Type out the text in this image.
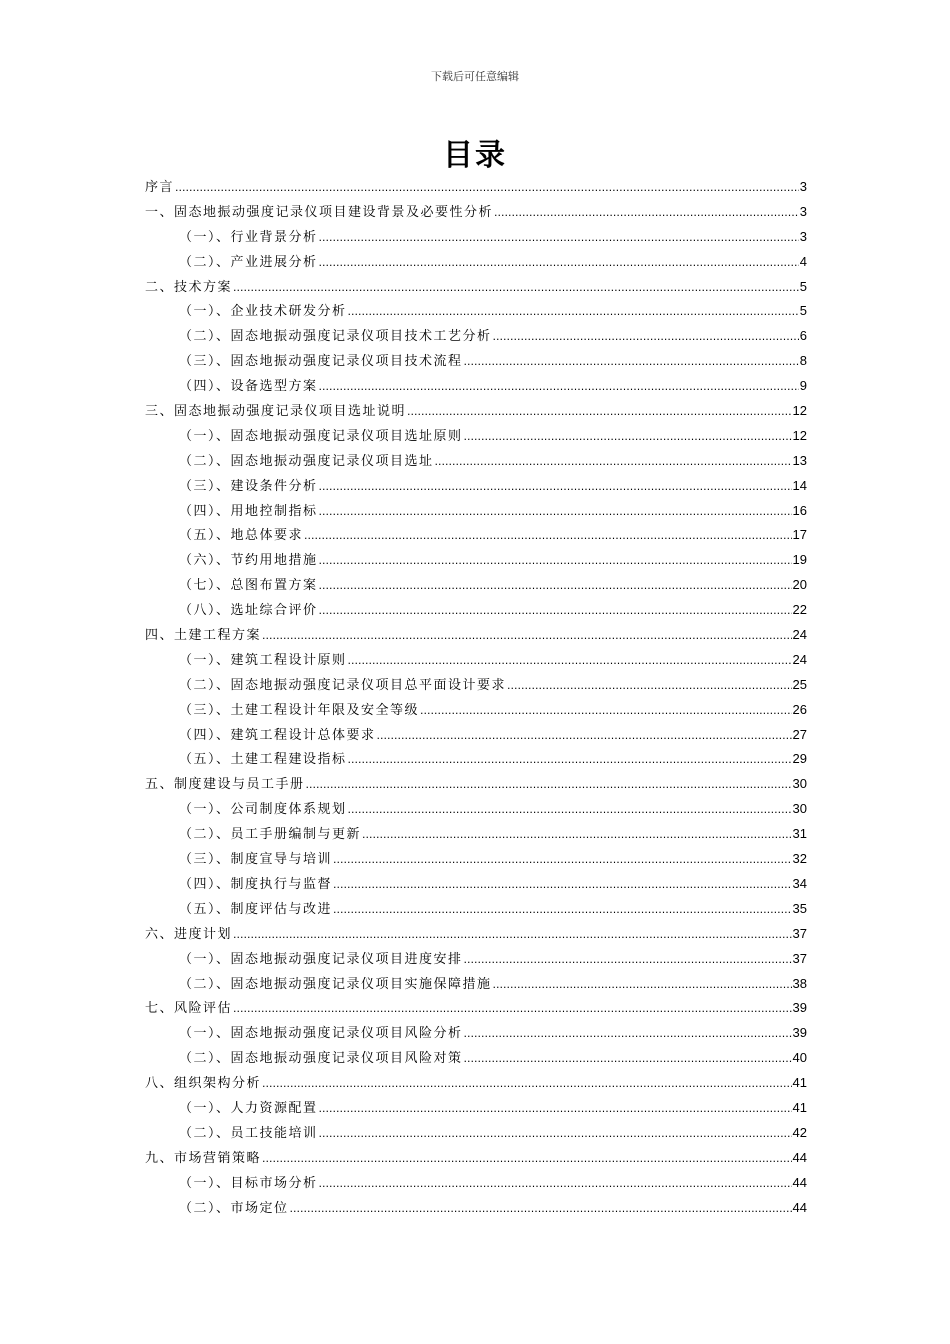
下载后可任意编辑
目录
序言 .....	3
一、固态地振动强度记录仪项目建设背景及必要性分析 .....	3
（一）、行业背景分析 .....	3
（二）、产业进展分析 .....	4
二、技术方案 .....	5
（一）、企业技术研发分析 .....	5
（二）、固态地振动强度记录仪项目技术工艺分析 .....	6
（三）、固态地振动强度记录仪项目技术流程 .....	8
（四）、设备选型方案 .....	9
三、固态地振动强度记录仪项目选址说明 .....	12
（一）、固态地振动强度记录仪项目选址原则 .....	12
（二）、固态地振动强度记录仪项目选址 .....	13
（三）、建设条件分析 .....	14
（四）、用地控制指标 .....	16
（五）、地总体要求 .....	17
（六）、节约用地措施 .....	19
（七）、总图布置方案 .....	20
（八）、选址综合评价 .....	22
四、土建工程方案 .....	24
（一）、建筑工程设计原则 .....	24
（二）、固态地振动强度记录仪项目总平面设计要求 .....	25
（三）、土建工程设计年限及安全等级 .....	26
（四）、建筑工程设计总体要求 .....	27
（五）、土建工程建设指标 .....	29
五、制度建设与员工手册 .....	30
（一）、公司制度体系规划 .....	30
（二）、员工手册编制与更新 .....	31
（三）、制度宣导与培训 .....	32
（四）、制度执行与监督 .....	34
（五）、制度评估与改进 .....	35
六、进度计划 .....	37
（一）、固态地振动强度记录仪项目进度安排 .....	37
（二）、固态地振动强度记录仪项目实施保障措施 .....	38
七、风险评估 .....	39
（一）、固态地振动强度记录仪项目风险分析 .....	39
（二）、固态地振动强度记录仪项目风险对策 .....	40
八、组织架构分析 .....	41
（一）、人力资源配置 .....	41
（二）、员工技能培训 .....	42
九、市场营销策略 .....	44
（一）、目标市场分析 .....	44
（二）、市场定位 .....	44
